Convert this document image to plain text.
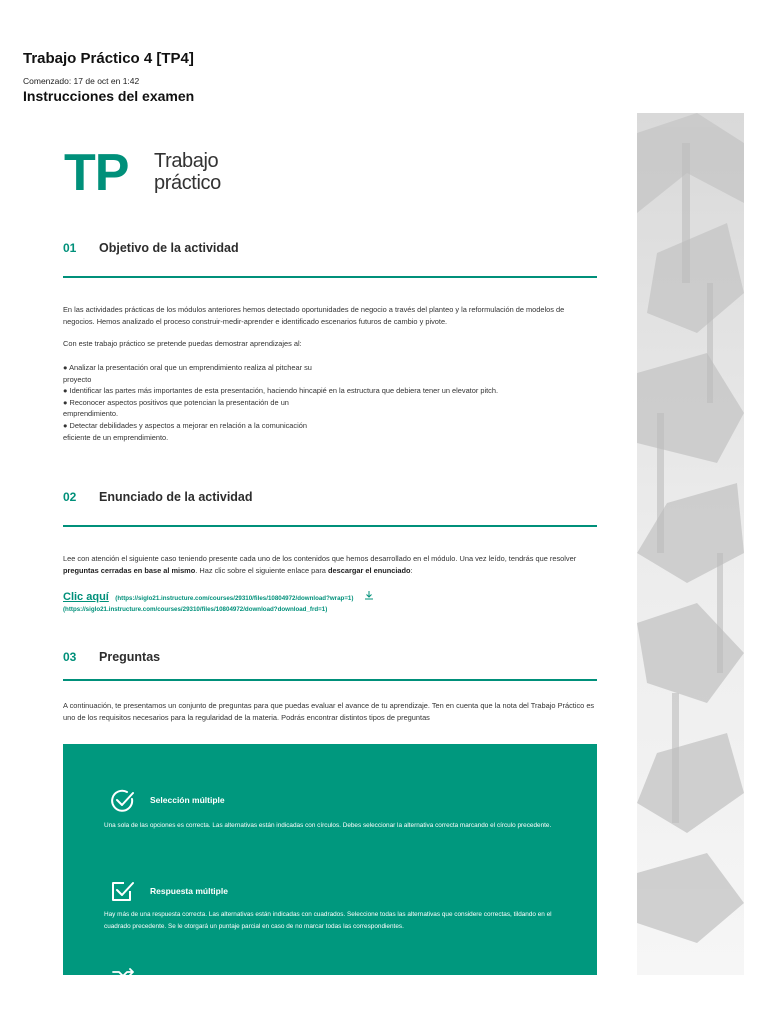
Trabajo Práctico 4 [TP4]
Comenzado: 17 de oct en 1:42
Instrucciones del examen
TP Trabajo
práctico
01 Objetivo de la actividad
En las actividades prácticas de los módulos anteriores hemos detectado oportunidades de negocio a través del planteo y la reformulación de modelos de negocios. Hemos analizado el proceso construir-medir-aprender e identificado escenarios futuros de cambio y pivote.
Con este trabajo práctico se pretende puedas demostrar aprendizajes al:
● Analizar la presentación oral que un emprendimiento realiza al pitchear su
proyecto
● Identificar las partes más importantes de esta presentación, haciendo hincapié en la estructura que debiera tener un elevator pitch.
● Reconocer aspectos positivos que potencian la presentación de un
emprendimiento.
● Detectar debilidades y aspectos a mejorar en relación a la comunicación
eficiente de un emprendimiento.
02 Enunciado de la actividad
Lee con atención el siguiente caso teniendo presente cada uno de los contenidos que hemos desarrollado en el módulo. Una vez leído, tendrás que resolver preguntas cerradas en base al mismo. Haz clic sobre el siguiente enlace para descargar el enunciado:
Clic aquí (https://siglo21.instructure.com/courses/29310/files/10804972/download?wrap=1)
(https://siglo21.instructure.com/courses/29310/files/10804972/download?download_frd=1)
03 Preguntas
A continuación, te presentamos un conjunto de preguntas para que puedas evaluar el avance de tu aprendizaje. Ten en cuenta que la nota del Trabajo Práctico es uno de los requisitos necesarios para la regularidad de la materia. Podrás encontrar distintos tipos de preguntas
Selección múltiple
Una sola de las opciones es correcta. Las alternativas están indicadas con círculos. Debes seleccionar la alternativa correcta marcando el círculo precedente.
Respuesta múltiple
Hay más de una respuesta correcta. Las alternativas están indicadas con cuadrados. Seleccione todas las alternativas que considere correctas, tildando en el cuadrado precedente. Se le otorgará un puntaje parcial en caso de no marcar todas las correspondientes.
